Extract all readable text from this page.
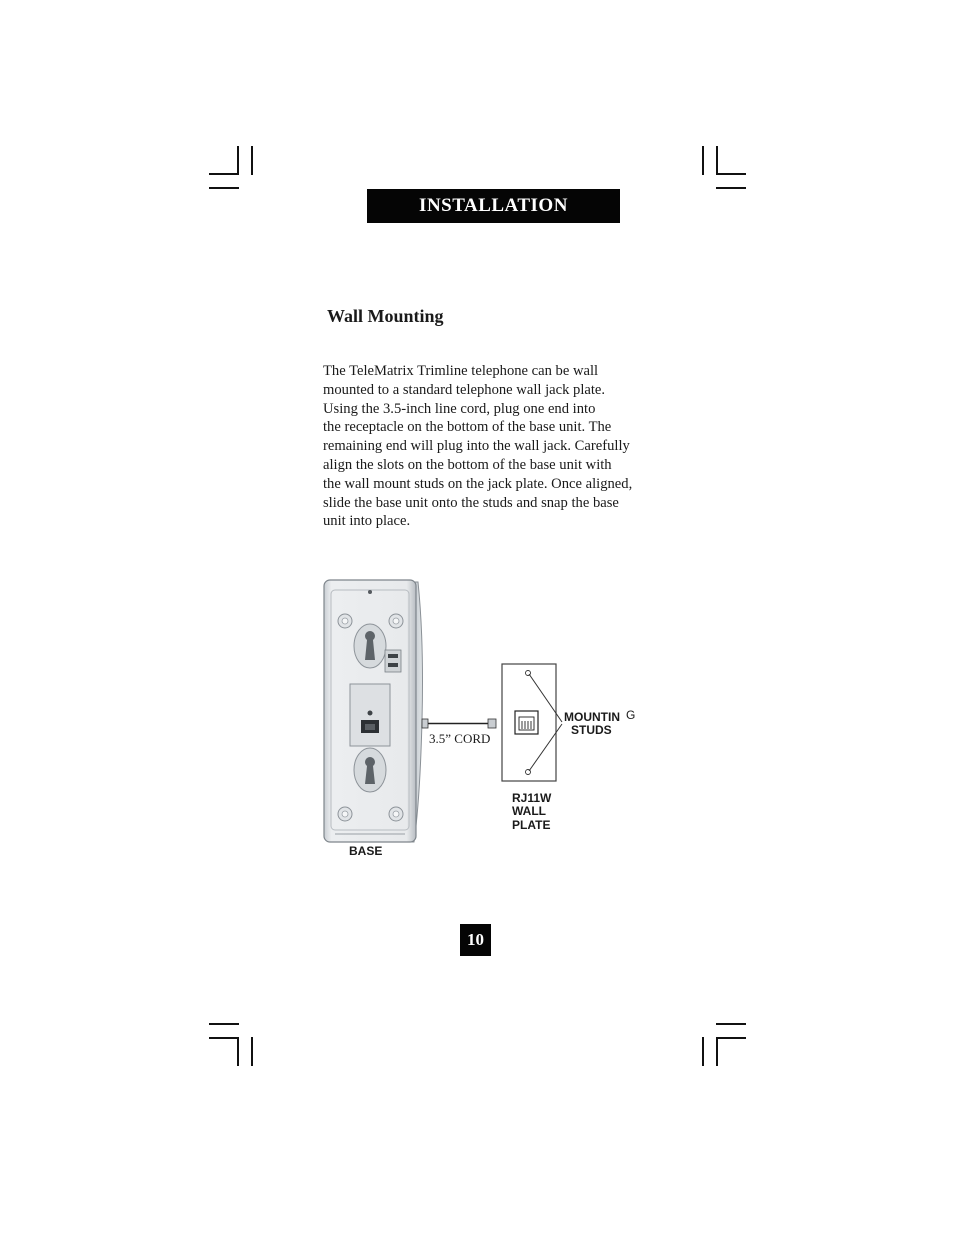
INSTALLATION
Wall Mounting
The TeleMatrix Trimline telephone can be wall
mounted to a standard telephone wall jack plate.
Using the 3.5-inch line cord, plug one end into
the receptacle on the bottom of the base unit. The
remaining end will plug into the wall jack. Carefully
align the slots on the bottom of the base unit with
the wall mount studs on the jack plate. Once aligned,
slide the base unit onto the studs and snap the base
unit into place.
BASE
3.5” CORD
MOUNTIN G
STUDS
RJ11W
WALL
PLATE
10
